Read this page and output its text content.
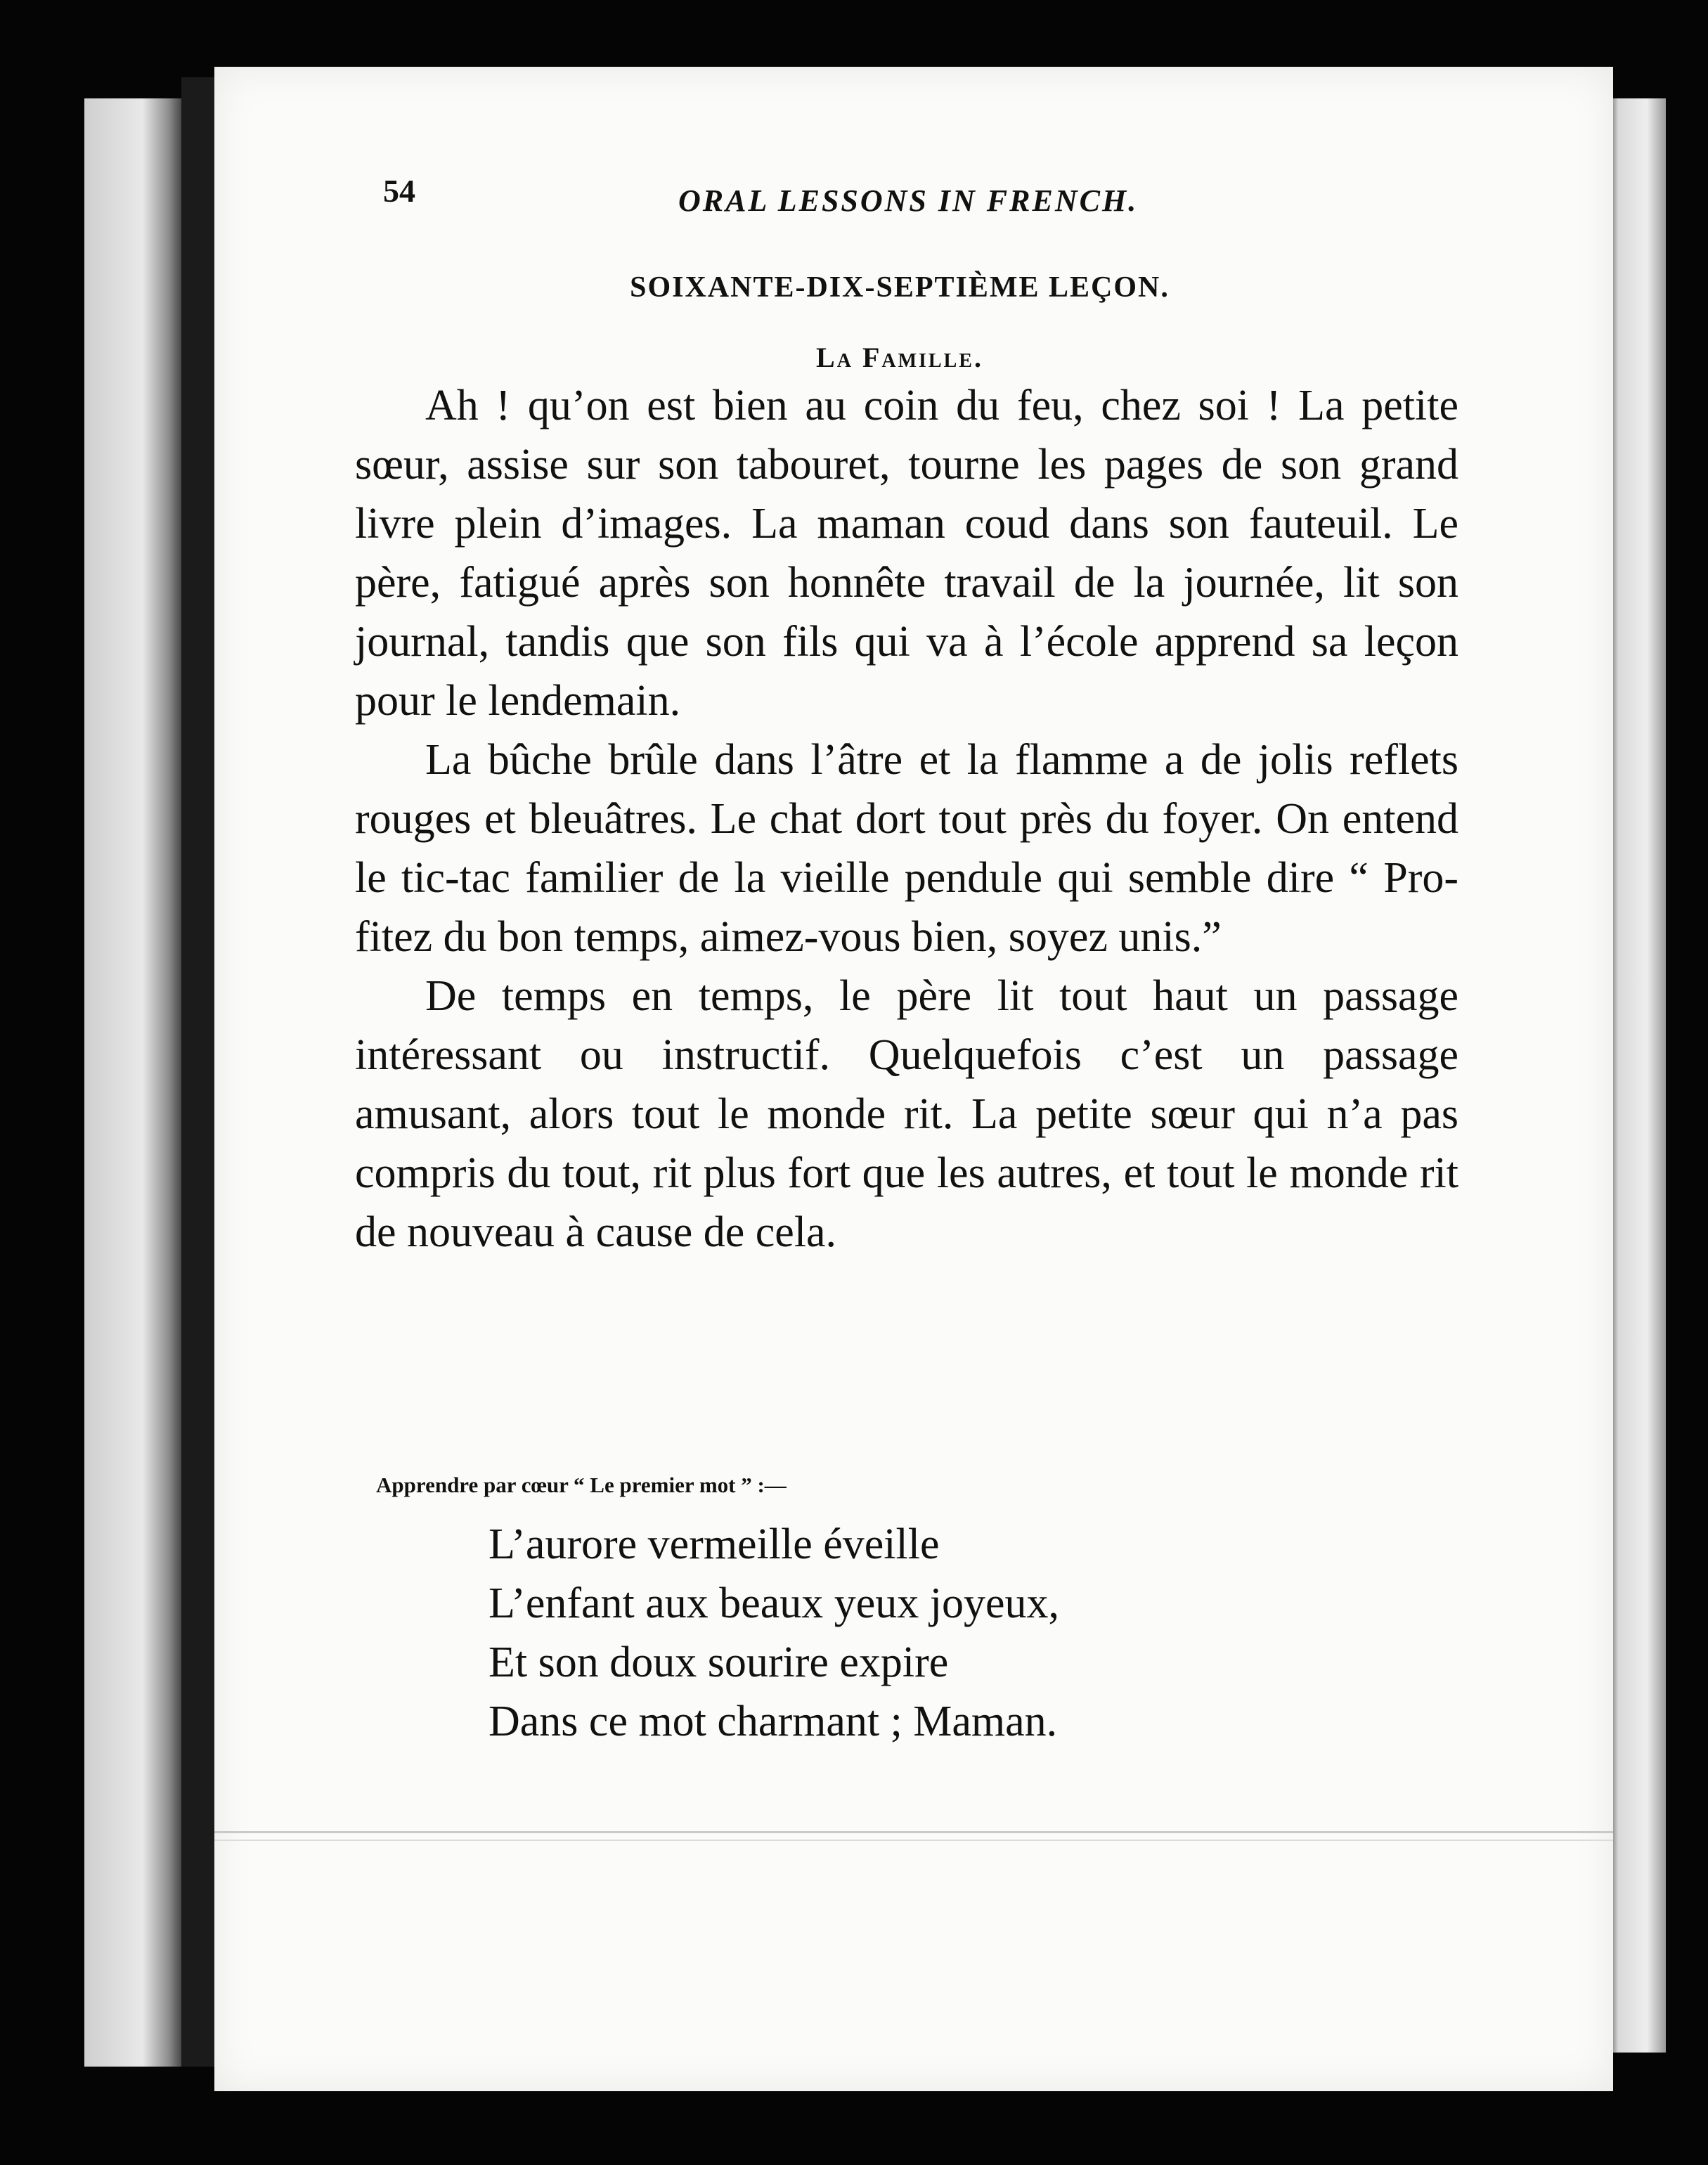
54	ORAL LESSONS IN FRENCH.
SOIXANTE-DIX-SEPTIÈME LEÇON.
La Famille.

Ah ! qu’on est bien au coin du feu, chez soi ! La petite sœur, assise sur son tabouret, tourne les pages de son grand livre plein d’images. La maman coud dans son fauteuil. Le père, fatigué après son honnête travail de la journée, lit son journal, tandis que son fils qui va à l’école apprend sa leçon pour le lendemain.

La bûche brûle dans l’âtre et la flamme a de jolis reflets rouges et bleuâtres. Le chat dort tout près du foyer. On entend le tic-tac familier de la vieille pendule qui semble dire “ Profitez du bon temps, aimez-vous bien, soyez unis.”

De temps en temps, le père lit tout haut un passage intéressant ou instructif. Quelquefois c’est un passage amusant, alors tout le monde rit. La petite sœur qui n’a pas compris du tout, rit plus fort que les autres, et tout le monde rit de nouveau à cause de cela.

Apprendre par cœur “ Le premier mot ” :—
L’aurore vermeille éveille
L’enfant aux beaux yeux joyeux,
Et son doux sourire expire
Dans ce mot charmant ; Maman.
